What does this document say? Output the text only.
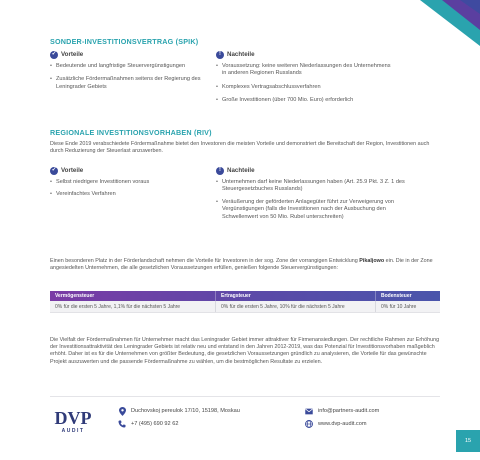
SONDER-INVESTITIONSVERTRAG (SPIK)
✓ Vorteile
• Bedeutende und langfristige Steuervergünstigungen
• Zusätzliche Fördermaßnahmen seitens der Regierung des Leningrader Gebiets
! Nachteile
• Voraussetzung: keine weiteren Niederlassungen des Unternehmens in anderen Regionen Russlands
• Komplexes Vertragsabschlussverfahren
• Große Investitionen (über 700 Mio. Euro) erforderlich
REGIONALE INVESTITIONSVORHABEN (RIV)
Diese Ende 2019 verabschiedete Fördermaßnahme bietet den Investoren die meisten Vorteile und demonstriert die Bereitschaft der Region, Investitionen auch durch Reduzierung der Steuerlast anzuwerben.
✓ Vorteile
• Selbst niedrigere Investitionen voraus
• Vereinfachtes Verfahren
! Nachteile
• Unternehmen darf keine Niederlassungen haben (Art. 25.9 Pkt. 3 Z. 1 des Steuergesetzbuches Russlands)
• Veräußerung der geförderten Anlagegüter führt zur Verweigerung von Vergünstigungen (falls die Investitionen nach der Ausbuchung den Schwellenwert von 50 Mio. Rubel unterschreiten)
Einen besonderen Platz in der Förderlandschaft nehmen die Vorteile für Investoren in der sog. Zone der vorrangigen Entwicklung Pikaljowo ein. Die in der Zone angesiedelten Unternehmen, die alle gesetzlichen Voraussetzungen erfüllen, genießen folgende Steuervergünstigungen:
Vermögensteuer	Ertragsteuer	Bodensteuer
0% für die ersten 5 Jahre, 1,1% für die nächsten 5 Jahre	0% für die ersten 5 Jahre, 10% für die nächsten 5 Jahre	0% für 10 Jahre
Die Vielfalt der Fördermaßnahmen für Unternehmer macht das Leningrader Gebiet immer attraktiver für Firmenansiedlungen. Der rechtliche Rahmen zur Erhöhung der Investitionsattraktivität des Leningrader Gebiets ist relativ neu und entstand in den Jahren 2012-2019, was das Potenzial für Investitionsvorhaben maßgeblich erhöht. Daher ist es für die Unternehmen von größter Bedeutung, die gesetzlichen Voraussetzungen gründlich zu analysieren, die Vorteile für das gewünschte Projekt auszuwerten und die passende Fördermaßnahme zu wählen, um die bestmöglichen Resultate zu erzielen.
DVP
AUDIT
Duchovskoj pereulok 17/10, 15198, Moskau
+7 (495) 690 92 62
info@partners-audit.com
www.dvp-audit.com
15
